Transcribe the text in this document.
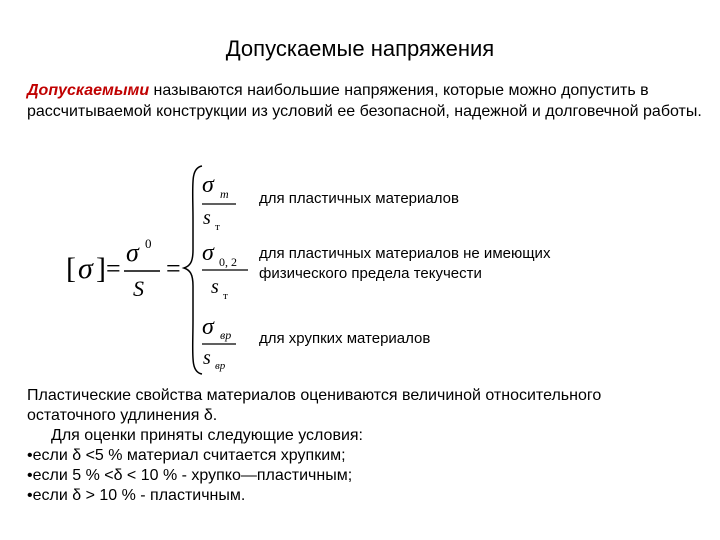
Допускаемые напряжения
Допускаемыми называются наибольшие напряжения, которые можно допустить в рассчитываемой конструкции из условий ее безопасной, надежной и долговечной работы.
[ σ ] =
σ 0
S
=
σ т
s т
σ 0, 2
s т
σ вр
s вр
для пластичных материалов
для пластичных материалов не имеющих физического предела текучести
для хрупких материалов
Пластические свойства материалов оцениваются величиной относительного
остаточного удлинения δ.
Для оценки приняты следующие условия:
•если δ <5 % материал считается хрупким;
•если 5 % <δ < 10 % - хрупко—пластичным;
•если δ > 10 % - пластичным.
